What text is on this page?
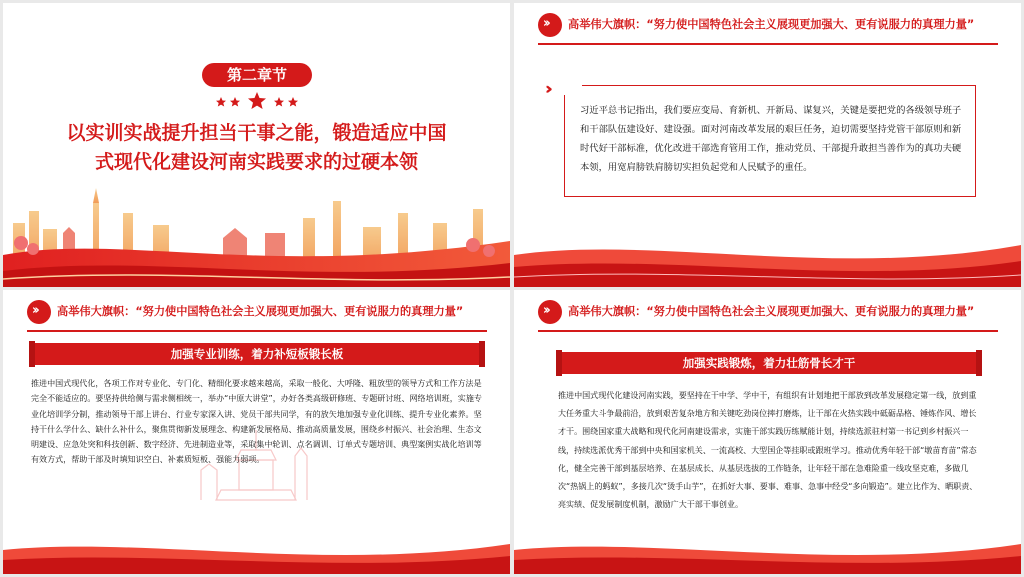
第二章节
以实训实战提升担当干事之能，锻造适应中国
式现代化建设河南实践要求的过硬本领
›› 高举伟大旗帜：“努力使中国特色社会主义展现更加强大、更有说服力的真理力量”
›››
习近平总书记指出，我们要应变局、育新机、开新局、谋复兴，关键是要把党的各级领导班子和干部队伍建设好、建设强。面对河南改革发展的艰巨任务，迫切需要坚持党管干部原则和新时代好干部标准，优化改进干部选育管用工作，推动党员、干部提升敢担当善作为的真功夫硬本领，用宽肩膀铁肩膀切实担负起党和人民赋予的重任。
›› 高举伟大旗帜：“努力使中国特色社会主义展现更加强大、更有说服力的真理力量”
加强专业训练，着力补短板锻长板
推进中国式现代化，各项工作对专业化、专门化、精细化要求越来越高，采取一般化、大呼隆、粗放型的领导方式和工作方法是完全不能适应的。要坚持供给侧与需求侧相统一，举办“中原大讲堂”，办好各类高级研修班、专题研讨班、网络培训班，实施专业化培训学分制，推动领导干部上讲台、行业专家深入讲、党员干部共同学，有的放矢地加强专业化训练、提升专业化素养。坚持干什么学什么、缺什么补什么，聚焦贯彻新发展理念、构建新发展格局、推动高质量发展，围绕乡村振兴、社会治理、生态文明建设、应急处突和科技创新、数字经济、先进制造业等，采取集中轮训、点名调训、订单式专题培训、典型案例实战化培训等有效方式，帮助干部及时填知识空白、补素质短板、强能力弱项。
›› 高举伟大旗帜：“努力使中国特色社会主义展现更加强大、更有说服力的真理力量”
加强实践锻炼，着力壮筋骨长才干
推进中国式现代化建设河南实践，要坚持在干中学、学中干，有组织有计划地把干部放到改革发展稳定第一线，放到重大任务重大斗争最前沿，放到艰苦复杂地方和关键吃劲岗位摔打磨炼，让干部在火热实践中砥砺品格、锤炼作风、增长才干。围绕国家重大战略和现代化河南建设需求，实施干部实践历练赋能计划，持续选派驻村第一书记到乡村振兴一线，持续选派优秀干部到中央和国家机关、一流高校、大型国企等挂职或跟班学习。推动优秀年轻干部“墩苗育苗”常态化，健全完善干部到基层培养、在基层成长、从基层选拔的工作链条，让年轻干部在急难险重一线攻坚克难，多做几次“热锅上的蚂蚁”，多接几次“烫手山芋”，在抓好大事、要事、难事、急事中经受“多向锻造”。建立比作为、晒职责、亮实绩、促发展制度机制，激励广大干部干事创业。
